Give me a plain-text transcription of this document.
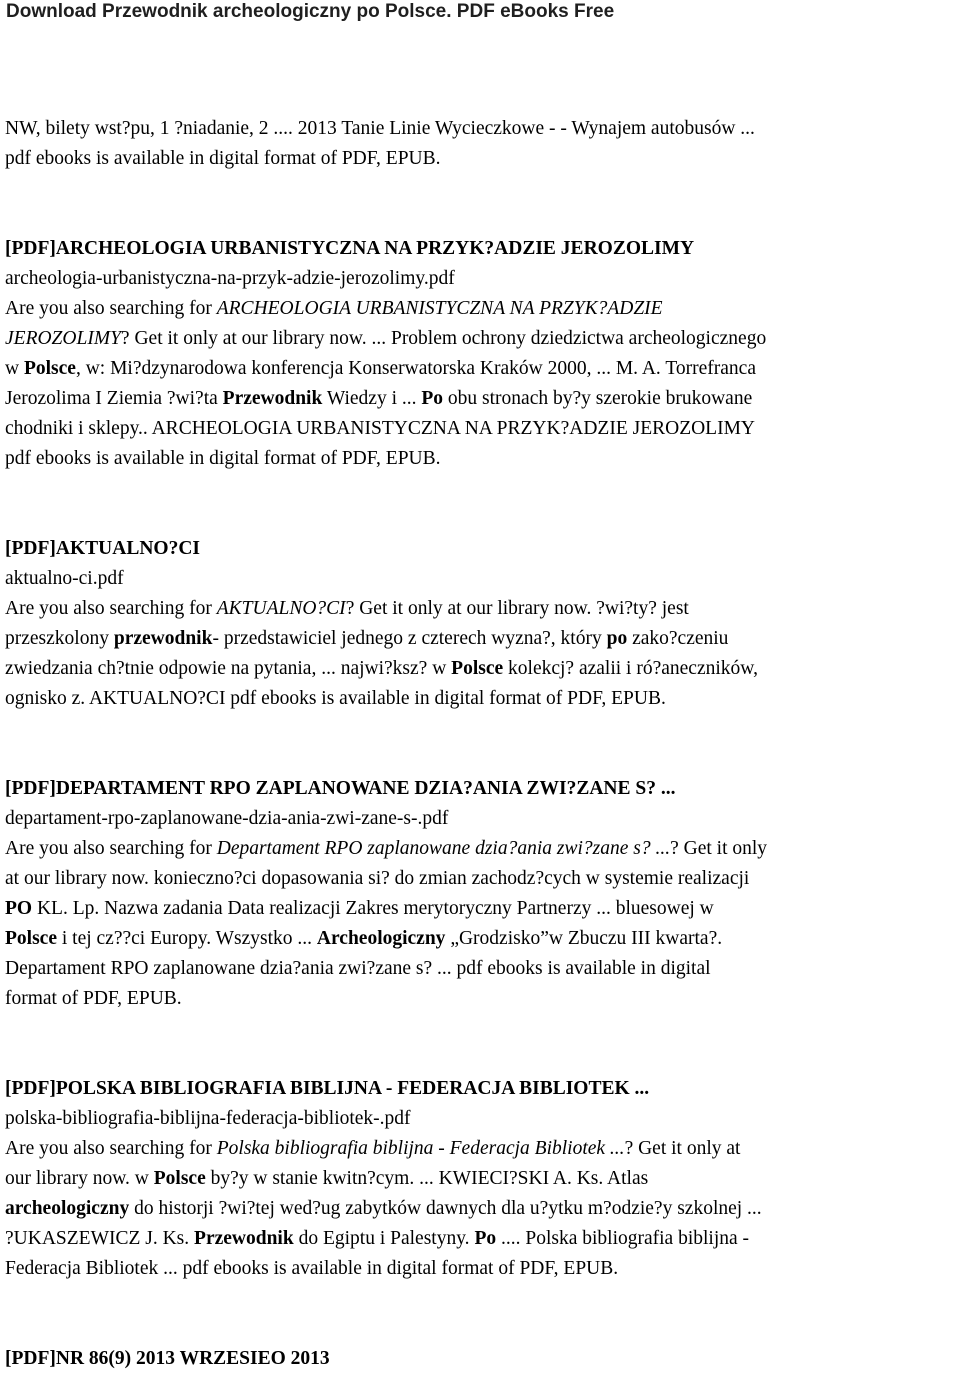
Download Przewodnik archeologiczny po Polsce. PDF eBooks Free
NW, bilety wst?pu, 1 ?niadanie, 2 .... 2013 Tanie Linie Wycieczkowe - - Wynajem autobusów ...
pdf ebooks is available in digital format of PDF, EPUB.
[PDF]ARCHEOLOGIA URBANISTYCZNA NA PRZYK?ADZIE JEROZOLIMY
archeologia-urbanistyczna-na-przyk-adzie-jerozolimy.pdf
Are you also searching for ARCHEOLOGIA URBANISTYCZNA NA PRZYK?ADZIE
JEROZOLIMY? Get it only at our library now. ... Problem ochrony dziedzictwa archeologicznego
w Polsce, w: Mi?dzynarodowa konferencja Konserwatorska Kraków 2000, ... M. A. Torrefranca
Jerozolima I Ziemia ?wi?ta Przewodnik Wiedzy i ... Po obu stronach by?y szerokie brukowane
chodniki i sklepy.. ARCHEOLOGIA URBANISTYCZNA NA PRZYK?ADZIE JEROZOLIMY
pdf ebooks is available in digital format of PDF, EPUB.
[PDF]AKTUALNO?CI
aktualno-ci.pdf
Are you also searching for AKTUALNO?CI? Get it only at our library now. ?wi?ty? jest
przeszkolony przewodnik- przedstawiciel jednego z czterech wyzna?, który po zako?czeniu
zwiedzania ch?tnie odpowie na pytania, ... najwi?ksz? w Polsce kolekcj? azalii i ró?aneczników,
ognisko z. AKTUALNO?CI pdf ebooks is available in digital format of PDF, EPUB.
[PDF]DEPARTAMENT RPO ZAPLANOWANE DZIA?ANIA ZWI?ZANE S? ...
departament-rpo-zaplanowane-dzia-ania-zwi-zane-s-.pdf
Are you also searching for Departament RPO zaplanowane dzia?ania zwi?zane s? ...? Get it only
at our library now. konieczno?ci dopasowania si? do zmian zachodz?cych w systemie realizacji
PO KL. Lp. Nazwa zadania Data realizacji Zakres merytoryczny Partnerzy ... bluesowej w
Polsce i tej cz??ci Europy. Wszystko ... Archeologiczny „Grodzisko”w Zbuczu III kwarta?.
Departament RPO zaplanowane dzia?ania zwi?zane s? ... pdf ebooks is available in digital
format of PDF, EPUB.
[PDF]POLSKA BIBLIOGRAFIA BIBLIJNA - FEDERACJA BIBLIOTEK ...
polska-bibliografia-biblijna-federacja-bibliotek-.pdf
Are you also searching for Polska bibliografia biblijna - Federacja Bibliotek ...? Get it only at
our library now. w Polsce by?y w stanie kwitn?cym. ... KWIECI?SKI A. Ks. Atlas
archeologiczny do historji ?wi?tej wed?ug zabytków dawnych dla u?ytku m?odzie?y szkolnej ...
?UKASZEWICZ J. Ks. Przewodnik do Egiptu i Palestyny. Po .... Polska bibliografia biblijna -
Federacja Bibliotek ... pdf ebooks is available in digital format of PDF, EPUB.
[PDF]NR 86(9) 2013 WRZESIEO 2013
